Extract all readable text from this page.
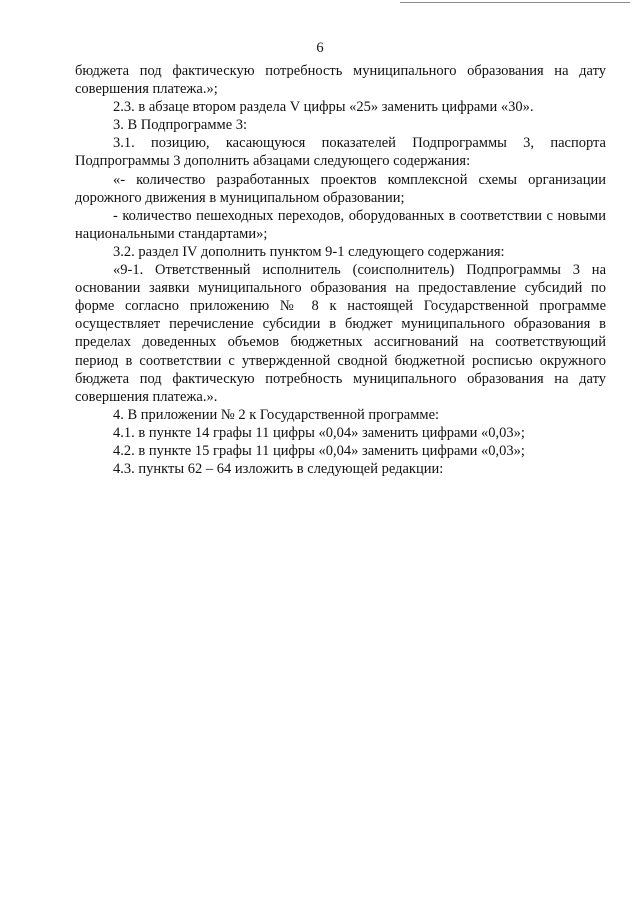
6

бюджета под фактическую потребность муниципального образования на дату совершения платежа.»;

2.3. в абзаце втором раздела V цифры «25» заменить цифрами «30».

3. В Подпрограмме 3:

3.1. позицию, касающуюся показателей Подпрограммы 3, паспорта Подпрограммы 3 дополнить абзацами следующего содержания:

«- количество разработанных проектов комплексной схемы организации дорожного движения в муниципальном образовании;

- количество пешеходных переходов, оборудованных в соответствии с новыми национальными стандартами»;

3.2. раздел IV дополнить пунктом 9-1 следующего содержания:

«9-1. Ответственный исполнитель (соисполнитель) Подпрограммы 3 на основании заявки муниципального образования на предоставление субсидий по форме согласно приложению № 8 к настоящей Государственной программе осуществляет перечисление субсидии в бюджет муниципального образования в пределах доведенных объемов бюджетных ассигнований на соответствующий период в соответствии с утвержденной сводной бюджетной росписью окружного бюджета под фактическую потребность муниципального образования на дату совершения платежа.».

4. В приложении № 2 к Государственной программе:

4.1. в пункте 14 графы 11 цифры «0,04» заменить цифрами «0,03»;

4.2. в пункте 15 графы 11 цифры «0,04» заменить цифрами «0,03»;

4.3. пункты 62 – 64 изложить в следующей редакции:
